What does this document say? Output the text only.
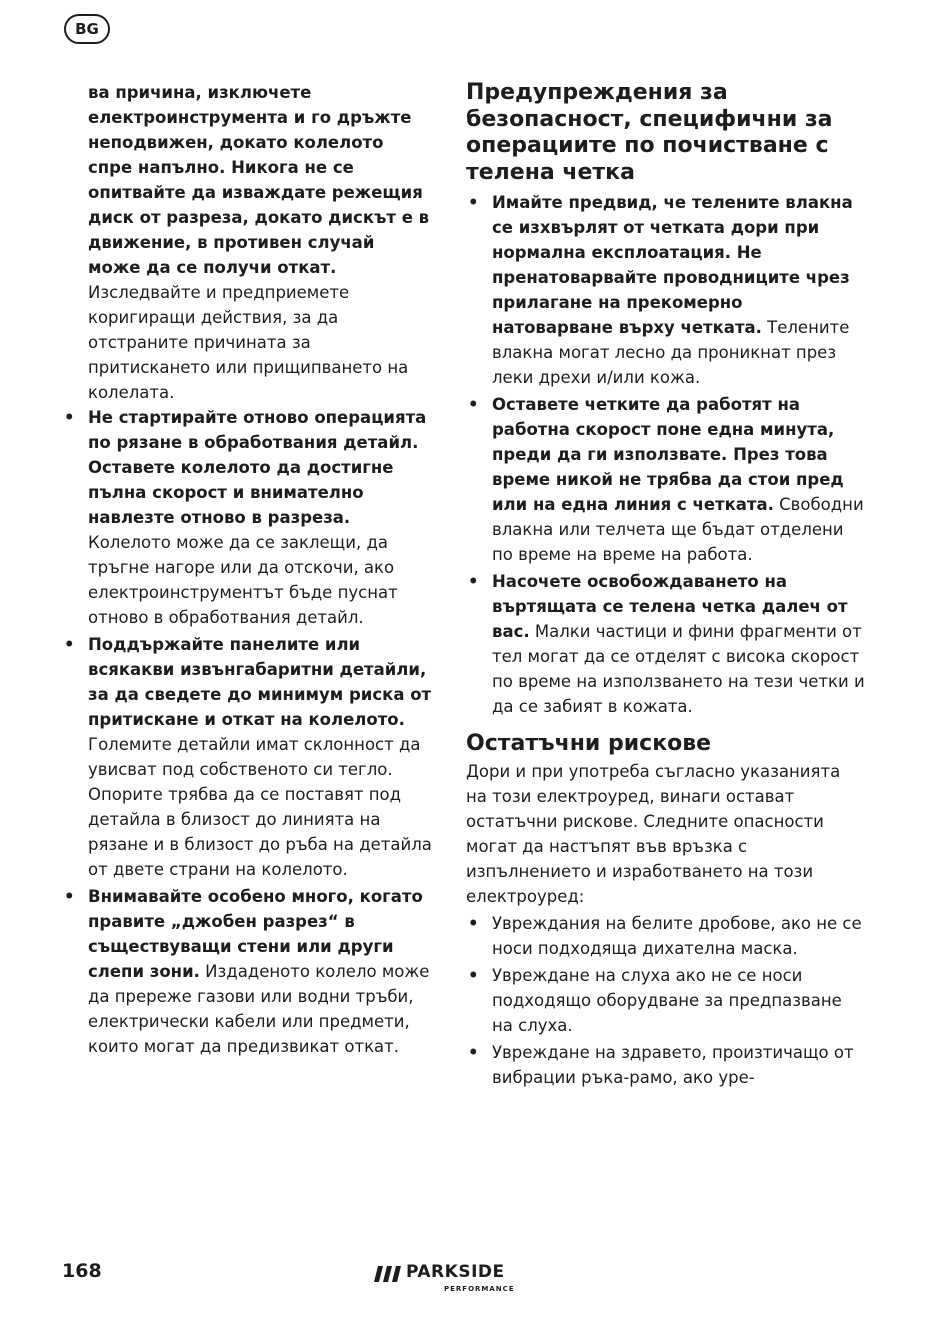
BG

ва причина, изключете електроинструмента и го дръжте неподвижен, докато колелото спре напълно. Никога не се опитвайте да изваждате режещия диск от разреза, докато дискът е в движение, в противен случай може да се получи откат. Изследвайте и предприемете коригиращи действия, за да отстраните причината за притискането или прищипването на колелата.

• Не стартирайте отново операцията по рязане в обработвания детайл. Оставете колелото да достигне пълна скорост и внимателно навлезте отново в разреза. Колелото може да се заклещи, да тръгне нагоре или да отскочи, ако електроинструментът бъде пуснат отново в обработвания детайл.
• Поддържайте панелите или всякакви извънгабаритни детайли, за да сведете до минимум риска от притискане и откат на колелото. Големите детайли имат склонност да увисват под собственото си тегло. Опорите трябва да се поставят под детайла в близост до линията на рязане и в близост до ръба на детайла от двете страни на колелото.
• Внимавайте особено много, когато правите „джобен разрез“ в съществуващи стени или други слепи зони. Издаденото колело може да пререже газови или водни тръби, електрически кабели или предмети, които могат да предизвикат откат.
Предупреждения за безопасност, специфични за операциите по почистване с телена четка
• Имайте предвид, че телените влакна се изхвърлят от четката дори при нормална експлоатация. Не пренатоварвайте проводниците чрез прилагане на прекомерно натоварване върху четката. Телените влакна могат лесно да проникнат през леки дрехи и/или кожа.
• Оставете четките да работят на работна скорост поне една минута, преди да ги използвате. През това време никой не трябва да стои пред или на една линия с четката. Свободни влакна или телчета ще бъдат отделени по време на време на работа.
• Насочете освобождаването на въртящата се телена четка далеч от вас. Малки частици и фини фрагменти от тел могат да се отделят с висока скорост по време на използването на тези четки и да се забият в кожата.
Остатъчни рискове

Дори и при употреба съгласно указанията на този електроуред, винаги остават остатъчни рискове. Следните опасности могат да настъпят във връзка с изпълнението и изработването на този електроуред:

• Увреждания на белите дробове, ако не се носи подходяща дихателна маска.
• Увреждане на слуха ако не се носи подходящо оборудване за предпазване на слуха.
• Увреждане на здравето, произтичащо от вибрации ръка-рамо, ако уре-
168	PARKSIDE
PERFORMANCE
